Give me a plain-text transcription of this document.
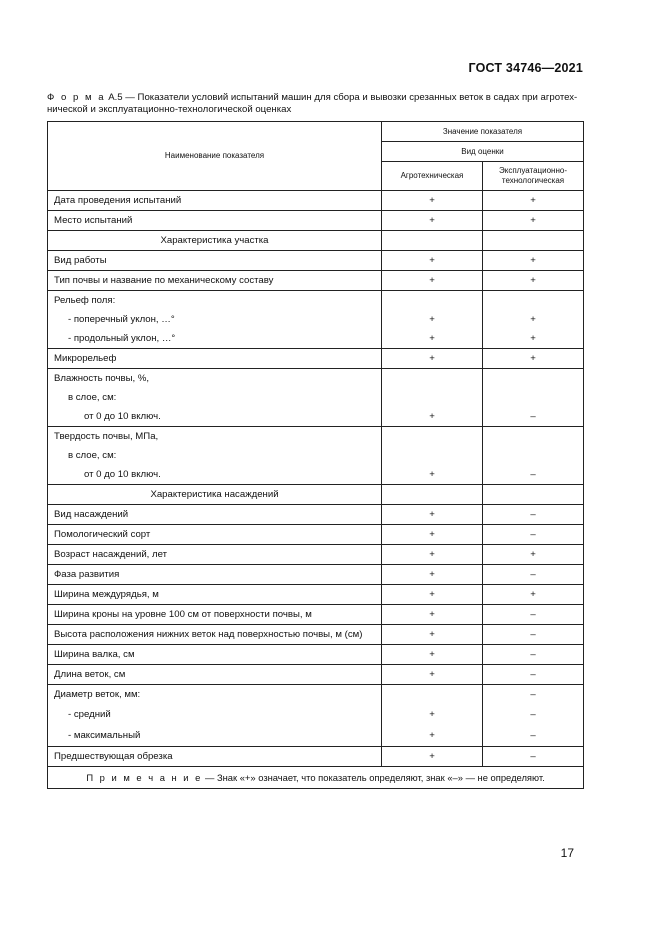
ГОСТ 34746—2021
Ф о р м а А.5 — Показатели условий испытаний машин для сбора и вывозки срезанных веток в садах при агротех-нической и эксплуатационно-технологической оценках
Наименование показателя	Значение показателя	
	Вид оценки	
	Агротехническая	Эксплуатационно-технологическая
Дата проведения испытаний	+	+
Место испытаний	+	+
Характеристика участка		
Вид работы	+	+
Тип почвы и название по механическому составу	+	+
Рельеф поля:		
- поперечный уклон, …°	+	+
- продольный уклон, …°	+	+
Микрорельеф	+	+
Влажность почвы, %,		
в слое, см:		
от 0 до 10 включ.	+	–
Твердость почвы, МПа,		
в слое, см:		
от 0 до 10 включ.	+	–
Характеристика насаждений		
Вид насаждений	+	–
Помологический сорт	+	–
Возраст насаждений, лет	+	+
Фаза развития	+	–
Ширина междурядья, м	+	+
Ширина кроны на уровне 100 см от поверхности почвы, м	+	–
Высота расположения нижних веток над поверхностью почвы, м (см)	+	–
Ширина валка, см	+	–
Длина веток, см	+	–
Диаметр веток, мм:		–
- средний	+	–
- максимальный	+	–
Предшествующая обрезка	+	–
П р и м е ч а н и е — Знак «+» означает, что показатель определяют, знак «–» — не определяют.		
17
